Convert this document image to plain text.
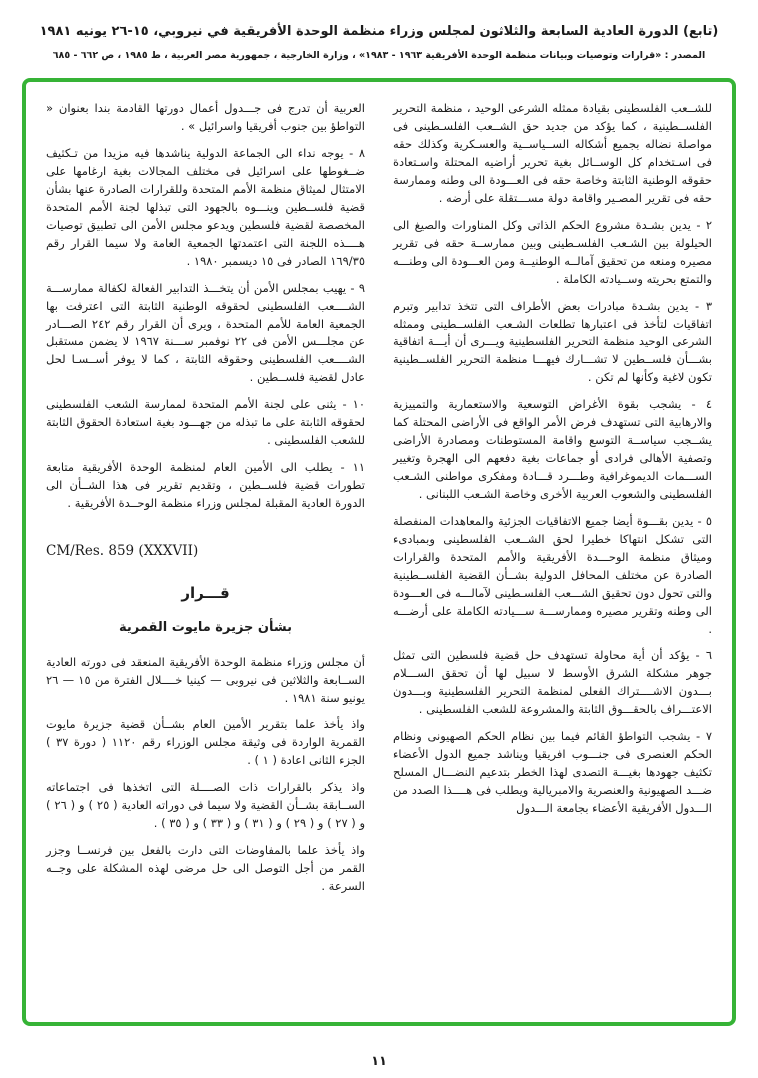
(تابع) الدورة العادية السابعة والثلاثون لمجلس وزراء منظمة الوحدة الأفريقية في نيروبي، ١٥-٢٦ يونيه ١٩٨١
المصدر : «قرارات وتوصيات وبيانات منظمة الوحدة الأفريقية ١٩٦٣ - ١٩٨٣» ، وزارة الخارجية ، جمهورية مصر العربية ، ط ١٩٨٥ ، ص ٦٦٢ - ٦٨٥

للشــعب الفلسطينى بقيادة ممثله الشرعى الوحيد ، منظمة التحرير الفلســطينية ، كما يؤكد من جديد حق الشــعب الفلسـطينى فى مواصلة نضاله بجميع أشكاله الســياســية والعسـكرية وكذلك حقه فى اسـتخدام كل الوســائل بغية تحرير أراضيه المحتلة واسـتعادة حقوقه الوطنية الثابتة وخاصة حقه فى العـــودة الى وطنه وممارسة حقه فى تقرير المصـير واقامة دولة مســـتقلة على أرضه .

٢ - يدين بشـدة مشروع الحكم الذاتى وكل المناورات والصيغ الى الحيلولة بين الشـعب الفلسـطينى وبين ممارســة حقه فى تقرير مصيره ومنعه من تحقيق آمالــه الوطنيــة ومن العـــودة الى وطنـــه والتمتع بحريته وســيادته الكاملة .

٣ - يدين بشـدة مبادرات بعض الأطراف التى تتخذ تدابير وتبرم اتفاقيات لتأخذ فى اعتبارها تطلعات الشـعب الفلســطينى وممثله الشرعى الوحيد منظمة التحرير الفلسطينية ويـــرى أن أيـــة اتفاقية بشـــأن فلســطين لا تشـــارك فيهـــا منظمة التحرير الفلســطينية تكون لاغية وكأنها لم تكن .

٤ - يشجب بقوة الأغراض التوسعية والاستعمارية والتمييزية والارهابية التى تستهدف فرض الأمر الواقع فى الأراضى المحتلة كما يشــجب سياســة التوسع واقامة المستوطنات ومصادرة الأراضى وتصفية الأهالى فرادى أو جماعات بغية دفعهم الى الهجرة وتغيير الســـمات الديموغرافية وطـــرد قـــادة ومفكرى مواطنى الشـعب الفلسطينى والشعوب العربية الأخرى وخاصة الشـعب اللبنانى .

٥ - يدين بقـــوة أيضا جميع الاتفاقيات الجزئية والمعاهدات المنفصلة التى تشكل انتهاكا خطيرا لحق الشــعب الفلسطينى وبمبادىء وميثاق منظمة الوحـــدة الأفريقية والأمم المتحدة والقرارات الصادرة عن مختلف المحافل الدولية بشــأن القضية الفلســطينية والتى تحول دون تحقيق الشـــعب الفلسـطينى لآمالـــه فى العـــودة الى وطنه وتقرير مصيره وممارســـة ســـيادته الكاملة على أرضـــه .

٦ - يؤكد أن أية محاولة تستهدف حل قضية فلسطين التى تمثل جوهر مشكلة الشرق الأوسط لا سبيل لها أن تحقق الســـلام بـــدون الاشــــتراك الفعلى لمنظمة التحرير الفلسطينية وبـــدون الاعتـــراف بالحقـــوق الثابتة والمشروعة للشعب الفلسطينى .

٧ - يشجب التواطؤ القائم فيما بين نظام الحكم الصهيونى ونظام الحكم العنصرى فى جنـــوب افريقيا ويناشد جميع الدول الأعضاء تكثيف جهودها بغيـــة التصدى لهذا الخطر بتدعيم النضـــال المسلح ضـــد الصهيونية والعنصرية والامبريالية ويطلب فى هــــذا الصدد من الـــدول الأفريقية الأعضاء بجامعة الـــدول

العربية أن تدرج فى جـــدول أعمال دورتها القادمة بندا بعنوان « التواطؤ بين جنوب أفريقيا واسرائيل » .

٨ - يوجه نداء الى الجماعة الدولية يناشدها فيه مزيدا من تـكثيف ضــغوطها على اسرائيل فى مختلف المجالات بغية ارغامها على الامتثال لميثاق منظمة الأمم المتحدة وللقرارات الصادرة عنها بشأن قضية فلســطين وينـــوه بالجهود التى تبذلها لجنة الأمم المتحدة المخصصة لقضية فلسطين ويدعو مجلس الأمن الى تطبيق توصيات هــــذه اللجنة التى اعتمدتها الجمعية العامة ولا سيما القرار رقم ١٦٩/٣٥ الصادر فى ١٥ ديسمبر ١٩٨٠ .

٩ - يهيب بمجلس الأمن أن يتخـــذ التدابير الفعالة لكفالة ممارســـة الشــــعب الفلسطينى لحقوقه الوطنية الثابتة التى اعترفت بها الجمعية العامة للأمم المتحدة ، ويرى أن القرار رقم ٢٤٢ الصـــادر عن مجلـــس الأمن فى ٢٢ نوفمبر ســـنة ١٩٦٧ لا يضمن مستقبل الشــــعب الفلسطينى وحقوقه الثابتة ، كما لا يوفر أســسـا لحل عادل لقضية فلســطين .

١٠ - يثنى على لجنة الأمم المتحدة لممارسة الشعب الفلسطينى لحقوقه الثابتة على ما تبذله من جهـــود بغية استعادة الحقوق الثابتة للشعب الفلسطينى .

١١ - يطلب الى الأمين العام لمنظمة الوحدة الأفريقية متابعة تطورات قضية فلســطين ، وتقديم تقرير فى هذا الشــأن الى الدورة العادية المقبلة لمجلس وزراء منظمة الوحــدة الأفريقية .

CM/Res. 859 (XXXVII)
قـــرار
بشأن جزيرة مايوت القمرية

أن مجلس وزراء منظمة الوحدة الأفريقية المنعقد فى دورته العادية الســابعة والثلاثين فى نيروبى — كينيا خــــلال الفترة من ١٥ — ٢٦ يونيو سنة ١٩٨١ .

واذ يأخذ علما بتقرير الأمين العام بشــأن قضية جزيرة مايوت القمرية الواردة فى وثيقة مجلس الوزراء رقم ١١٢٠ ( دورة ٣٧ ) الجزء الثانى اعادة ( ١ ) .

واذ يذكر بالقرارات ذات الصــــلة التى اتخذها فى اجتماعاته الســابقة بشــأن القضية ولا سيما فى دوراته العادية ( ٢٥ ) و ( ٢٦ ) و ( ٢٧ ) و ( ٢٩ ) و ( ٣١ ) و ( ٣٣ ) و ( ٣٥ ) .

واذ يأخذ علما بالمفاوضات التى دارت بالفعل بين فرنســا وجزر القمر من أجل التوصل الى حل مرضى لهذه المشكلة على وجــه السرعة .

١١
